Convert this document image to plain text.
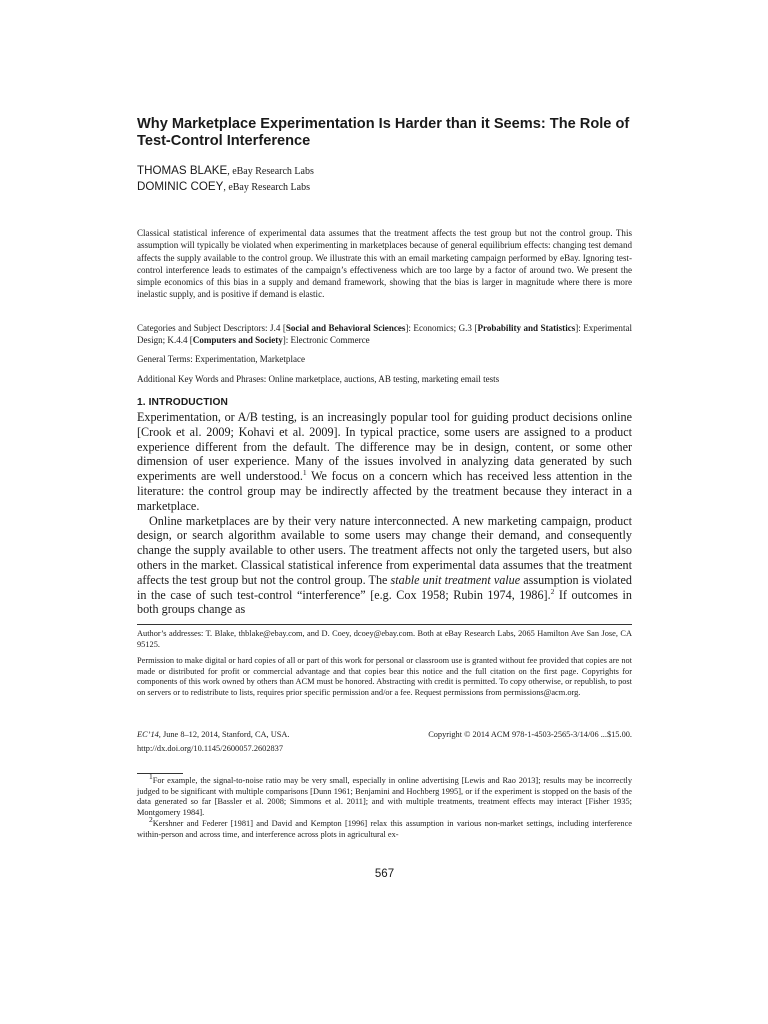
Why Marketplace Experimentation Is Harder than it Seems: The Role of Test-Control Interference
THOMAS BLAKE, eBay Research Labs
DOMINIC COEY, eBay Research Labs

Classical statistical inference of experimental data assumes that the treatment affects the test group but not the control group. This assumption will typically be violated when experimenting in marketplaces because of general equilibrium effects: changing test demand affects the supply available to the control group. We illustrate this with an email marketing campaign performed by eBay. Ignoring test-control interference leads to estimates of the campaign’s effectiveness which are too large by a factor of around two. We present the simple economics of this bias in a supply and demand framework, showing that the bias is larger in magnitude where there is more inelastic supply, and is positive if demand is elastic.

Categories and Subject Descriptors: J.4 [Social and Behavioral Sciences]: Economics; G.3 [Probability and Statistics]: Experimental Design; K.4.4 [Computers and Society]: Electronic Commerce

General Terms: Experimentation, Marketplace

Additional Key Words and Phrases: Online marketplace, auctions, AB testing, marketing email tests

1. INTRODUCTION

Experimentation, or A/B testing, is an increasingly popular tool for guiding product decisions online [Crook et al. 2009; Kohavi et al. 2009]. In typical practice, some users are assigned to a product experience different from the default. The difference may be in design, content, or some other dimension of user experience. Many of the issues involved in analyzing data generated by such experiments are well understood.$^1$ We focus on a concern which has received less attention in the literature: the control group may be indirectly affected by the treatment because they interact in a marketplace.

Online marketplaces are by their very nature interconnected. A new marketing campaign, product design, or search algorithm available to some users may change their demand, and consequently change the supply available to other users. The treatment affects not only the targeted users, but also others in the market. Classical statistical inference from experimental data assumes that the treatment affects the test group but not the control group. The stable unit treatment value assumption is violated in the case of such test-control “interference” [e.g. Cox 1958; Rubin 1974, 1986].$^2$ If outcomes in both groups change as

Author’s addresses: T. Blake, thblake@ebay.com, and D. Coey, dcoey@ebay.com. Both at eBay Research Labs, 2065 Hamilton Ave San Jose, CA 95125.

Permission to make digital or hard copies of all or part of this work for personal or classroom use is granted without fee provided that copies are not made or distributed for profit or commercial advantage and that copies bear this notice and the full citation on the first page. Copyrights for components of this work owned by others than ACM must be honored. Abstracting with credit is permitted. To copy otherwise, or republish, to post on servers or to redistribute to lists, requires prior specific permission and/or a fee. Request permissions from permissions@acm.org.

EC’14, June 8–12, 2014, Stanford, CA, USA.	Copyright © 2014 ACM 978-1-4503-2565-3/14/06 ...$15.00.
http://dx.doi.org/10.1145/2600057.2602837

$^1$For example, the signal-to-noise ratio may be very small, especially in online advertising [Lewis and Rao 2013]; results may be incorrectly judged to be significant with multiple comparisons [Dunn 1961; Benjamini and Hochberg 1995], or if the experiment is stopped on the basis of the data generated so far [Bassler et al. 2008; Simmons et al. 2011]; and with multiple treatments, treatment effects may interact [Fisher 1935; Montgomery 1984].

$^2$Kershner and Federer [1981] and David and Kempton [1996] relax this assumption in various non-market settings, including interference within-person and across time, and interference across plots in agricultural ex-

567
